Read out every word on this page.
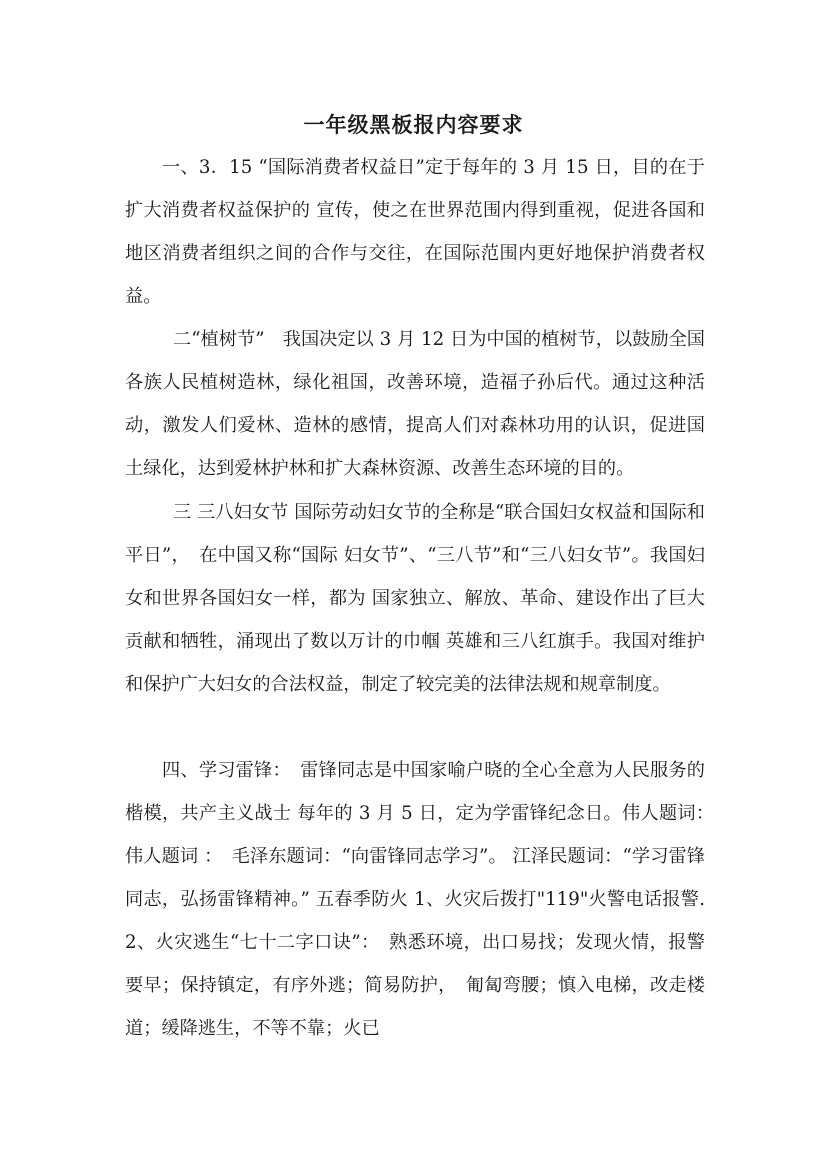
一年级黑板报内容要求

一、3．15 “国际消费者权益日”定于每年的 3 月 15 日，目的在于扩大消费者权益保护的 宣传，使之在世界范围内得到重视，促进各国和地区消费者组织之间的合作与交往，在国际范围内更好地保护消费者权益。

二“植树节”　我国决定以 3 月 12 日为中国的植树节，以鼓励全国各族人民植树造林，绿化祖国，改善环境，造福子孙后代。通过这种活动，激发人们爱林、造林的感情，提高人们对森林功用的认识，促进国土绿化，达到爱林护林和扩大森林资源、改善生态环境的目的。

三 三八妇女节 国际劳动妇女节的全称是“联合国妇女权益和国际和平日”，　在中国又称“国际 妇女节”、“三八节”和“三八妇女节”。我国妇女和世界各国妇女一样，都为 国家独立、解放、革命、建设作出了巨大贡献和牺牲，涌现出了数以万计的巾帼 英雄和三八红旗手。我国对维护和保护广大妇女的合法权益，制定了较完美的法律法规和规章制度。

四、学习雷锋：　雷锋同志是中国家喻户晓的全心全意为人民服务的楷模，共产主义战士 每年的 3 月 5 日，定为学雷锋纪念日。伟人题词：　伟人题词 ：　毛泽东题词：“向雷锋同志学习”。 江泽民题词：“学习雷锋同志，弘扬雷锋精神。” 五春季防火 1、火灾后拨打"119"火警电话报警. 2、火灾逃生“七十二字口诀”：　熟悉环境，出口易找；发现火情，报警要早；保持镇定，有序外逃；简易防护，　匍匐弯腰；慎入电梯，改走楼道；缓降逃生，不等不靠；火已
